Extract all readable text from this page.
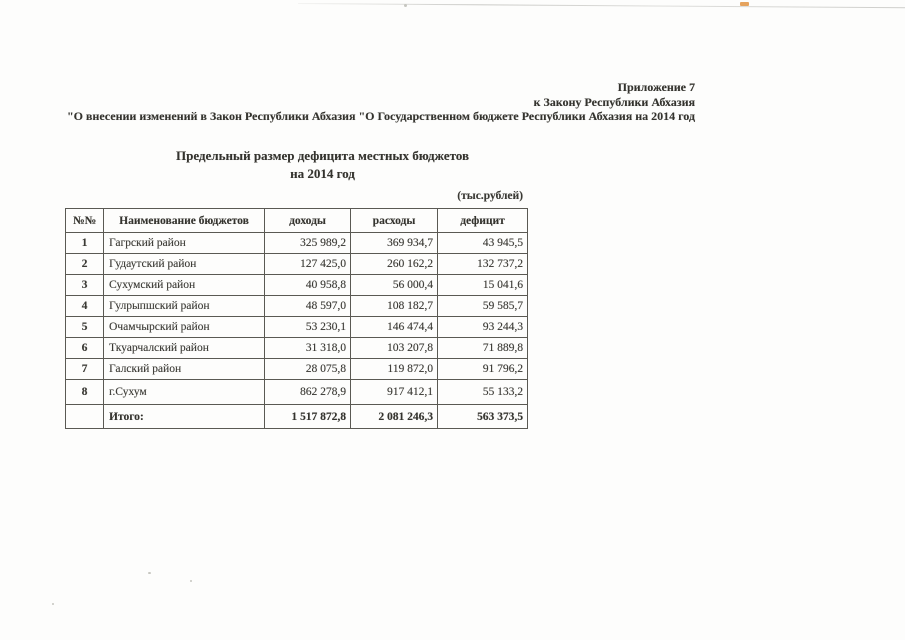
Приложение 7
к Закону Республики Абхазия
"О внесении изменений в Закон Республики Абхазия "О Государственном бюджете Республики Абхазия на 2014 год
Предельный размер дефицита местных бюджетов
на 2014 год
(тыс.рублей)
№№	Наименование бюджетов	доходы	расходы	дефицит
1	Гагрский район	325 989,2	369 934,7	43 945,5
2	Гудаутский район	127 425,0	260 162,2	132 737,2
3	Сухумский район	40 958,8	56 000,4	15 041,6
4	Гулрыпшский район	48 597,0	108 182,7	59 585,7
5	Очамчырский район	53 230,1	146 474,4	93 244,3
6	Ткуарчалский район	31 318,0	103 207,8	71 889,8
7	Галский район	28 075,8	119 872,0	91 796,2
8	г.Сухум	862 278,9	917 412,1	55 133,2
	Итого:	1 517 872,8	2 081 246,3	563 373,5
